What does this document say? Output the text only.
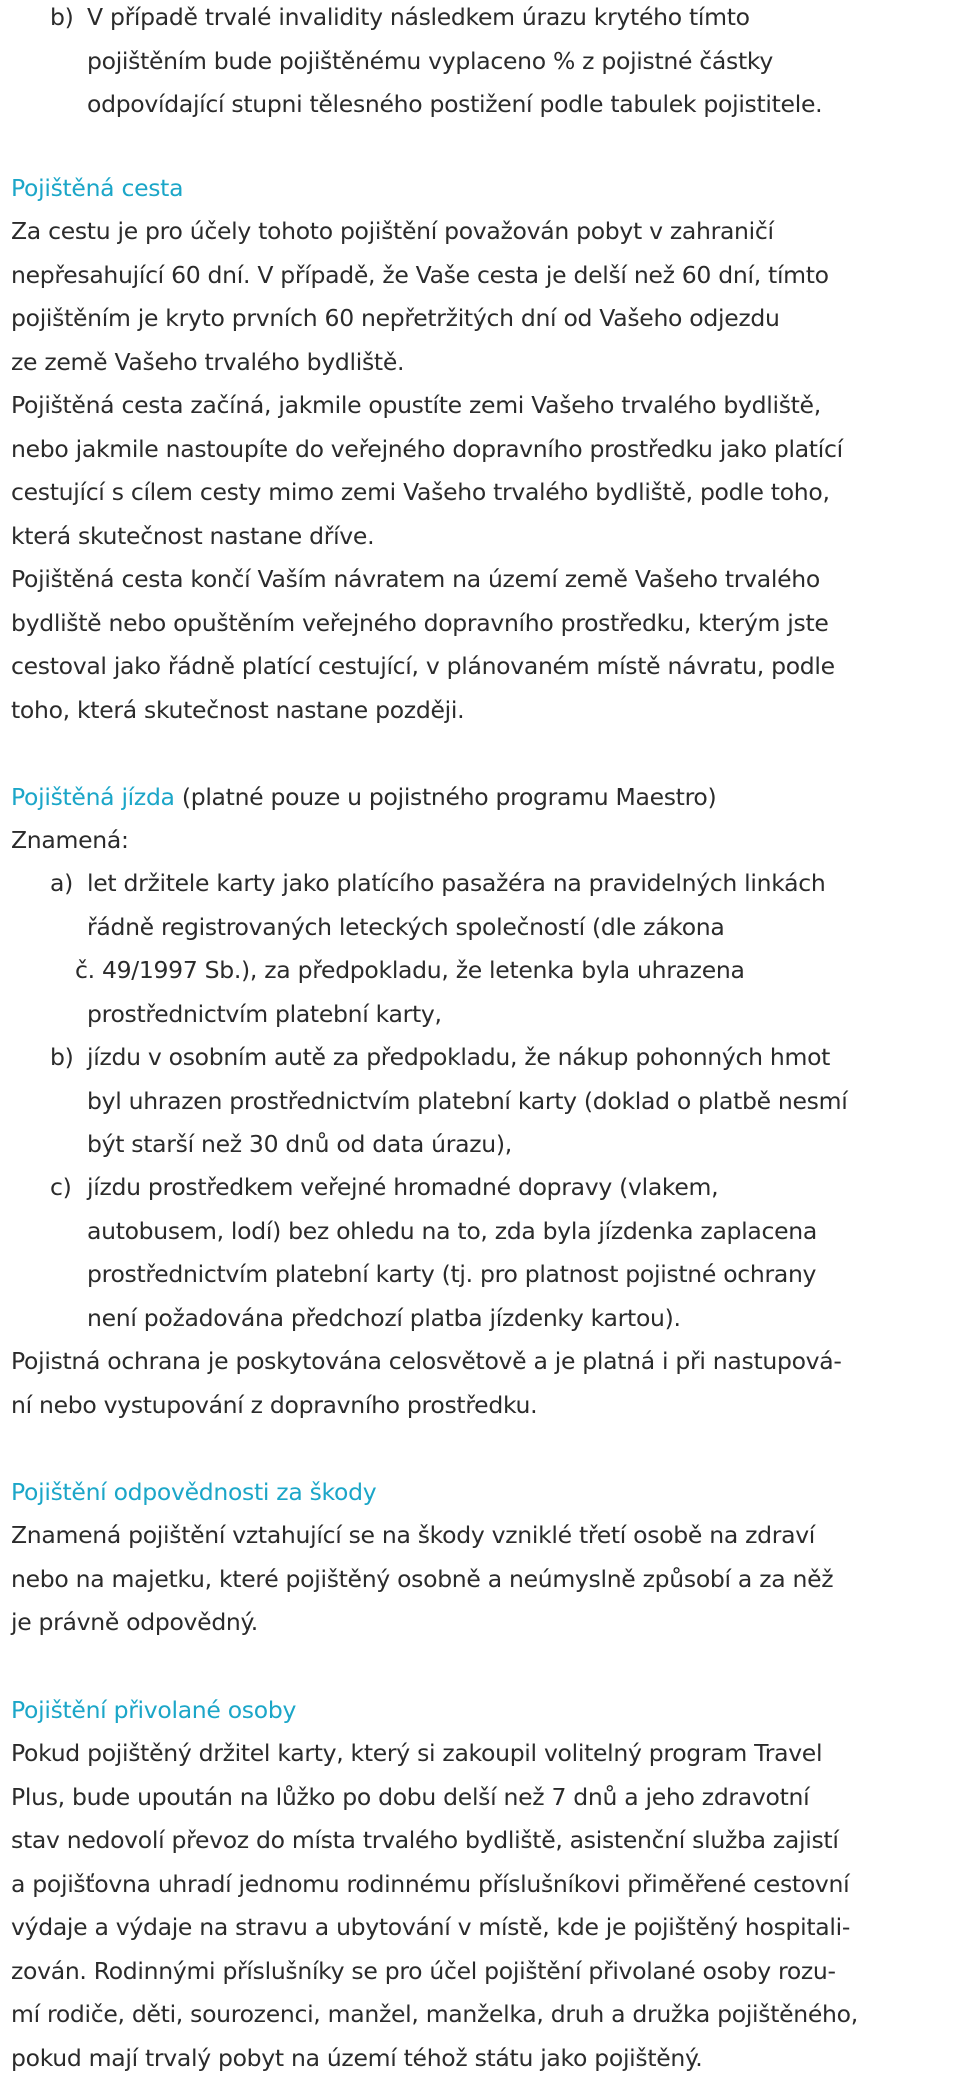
b) V případě trvalé invalidity následkem úrazu krytého tímto
pojištěním bude pojištěnému vyplaceno % z pojistné částky
odpovídající stupni tělesného postižení podle tabulek pojistitele.
Pojištěná cesta
Za cestu je pro účely tohoto pojištění považován pobyt v zahraničí
nepřesahující 60 dní. V případě, že Vaše cesta je delší než 60 dní, tímto
pojištěním je kryto prvních 60 nepřetržitých dní od Vašeho odjezdu
ze země Vašeho trvalého bydliště.
Pojištěná cesta začíná, jakmile opustíte zemi Vašeho trvalého bydliště,
nebo jakmile nastoupíte do veřejného dopravního prostředku jako platící
cestující s cílem cesty mimo zemi Vašeho trvalého bydliště, podle toho,
která skutečnost nastane dříve.
Pojištěná cesta končí Vaším návratem na území země Vašeho trvalého
bydliště nebo opuštěním veřejného dopravního prostředku, kterým jste
cestoval jako řádně platící cestující, v plánovaném místě návratu, podle
toho, která skutečnost nastane později.
Pojištěná jízda (platné pouze u pojistného programu Maestro)
Znamená:
a) let držitele karty jako platícího pasažéra na pravidelných linkách
řádně registrovaných leteckých společností (dle zákona
č. 49/1997 Sb.), za předpokladu, že letenka byla uhrazena
prostřednictvím platební karty,
b) jízdu v osobním autě za předpokladu, že nákup pohonných hmot
byl uhrazen prostřednictvím platební karty (doklad o platbě nesmí
být starší než 30 dnů od data úrazu),
c) jízdu prostředkem veřejné hromadné dopravy (vlakem,
autobusem, lodí) bez ohledu na to, zda byla jízdenka zaplacena
prostřednictvím platební karty (tj. pro platnost pojistné ochrany
není požadována předchozí platba jízdenky kartou).
Pojistná ochrana je poskytována celosvětově a je platná i při nastupová-
ní nebo vystupování z dopravního prostředku.
Pojištění odpovědnosti za škody
Znamená pojištění vztahující se na škody vzniklé třetí osobě na zdraví
nebo na majetku, které pojištěný osobně a neúmyslně způsobí a za něž
je právně odpovědný.
Pojištění přivolané osoby
Pokud pojištěný držitel karty, který si zakoupil volitelný program Travel
Plus, bude upoután na lůžko po dobu delší než 7 dnů a jeho zdravotní
stav nedovolí převoz do místa trvalého bydliště, asistenční služba zajistí
a pojišťovna uhradí jednomu rodinnému příslušníkovi přiměřené cestovní
výdaje a výdaje na stravu a ubytování v místě, kde je pojištěný hospitali-
zován. Rodinnými příslušníky se pro účel pojištění přivolané osoby rozu-
mí rodiče, děti, sourozenci, manžel, manželka, druh a družka pojištěného,
pokud mají trvalý pobyt na území téhož státu jako pojištěný.
